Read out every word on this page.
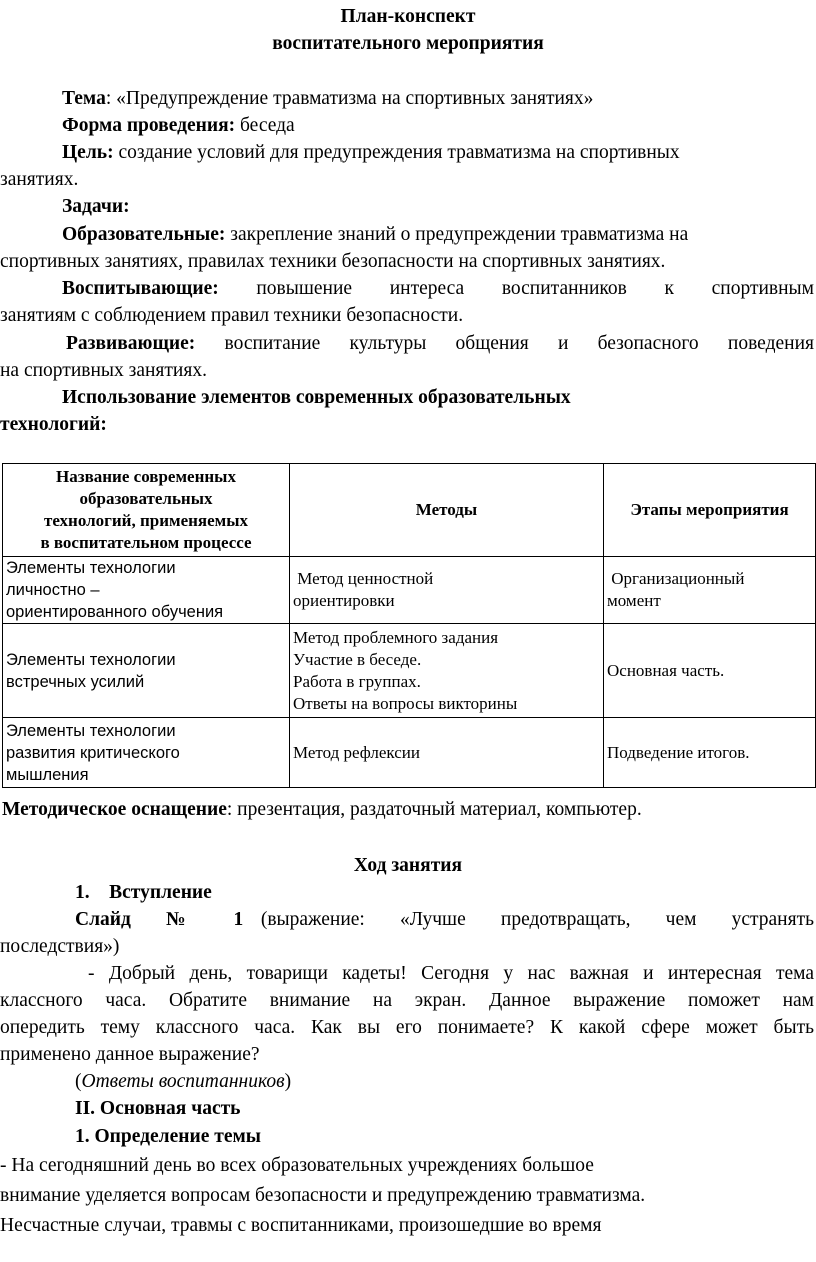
План-конспект
воспитательного мероприятия
Тема: «Предупреждение травматизма на спортивных занятиях»
Форма проведения: беседа
Цель: создание условий для предупреждения травматизма на спортивных
занятиях.
Задачи:
Образовательные: закрепление знаний о предупреждении травматизма на
спортивных занятиях, правилах техники безопасности на спортивных занятиях.
Воспитывающие: повышение интереса воспитанников к спортивным
занятиям с соблюдением правил техники безопасности.
Развивающие: воспитание культуры общения и безопасного поведения
на спортивных занятиях.
Использование элементов современных образовательных
технологий:
Название современных
образовательных
технологий, применяемых
в воспитательном процессе	Методы	Этапы мероприятия

Элементы технологии
личностно –
ориентированного обучения	Метод ценностной
ориентировки	Организационный
момент

Элементы технологии
встречных усилий	Метод проблемного задания
Участие в беседе.
Работа в группах.
Ответы на вопросы викторины	Основная часть.

Элементы технологии
развития критического
мышления	Метод рефлексии	Подведение итогов.
Методическое оснащение: презентация, раздаточный материал, компьютер.
Ход занятия
1.    Вступление
Слайд  №  1 (выражение:  «Лучше  предотвращать,  чем  устранять
последствия»)
- Добрый день, товарищи кадеты! Сегодня у нас важная и интересная тема
классного часа. Обратите внимание на экран. Данное выражение поможет нам
опередить тему классного часа. Как вы его понимаете? К какой сфере может быть
применено данное выражение?
(Ответы воспитанников)
II. Основная часть
1. Определение темы
- На сегодняшний день во всех образовательных учреждениях большое
внимание уделяется вопросам безопасности и предупреждению травматизма.
Несчастные случаи, травмы с воспитанниками, произошедшие во время
